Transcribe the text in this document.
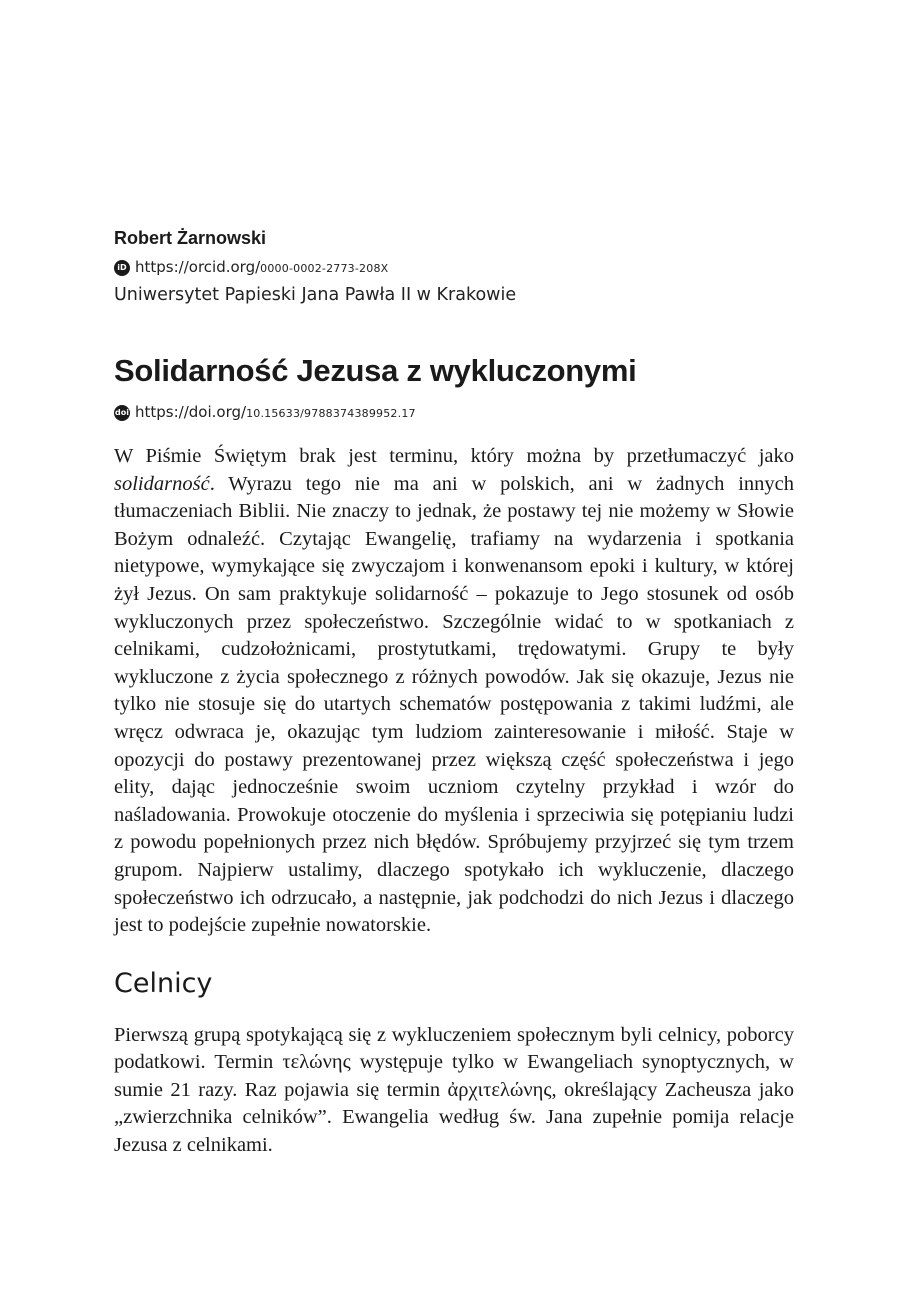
Robert Żarnowski
iD https://orcid.org/0000-0002-2773-208X
Uniwersytet Papieski Jana Pawła II w Krakowie
Solidarność Jezusa z wykluczonymi
doi https://doi.org/10.15633/9788374389952.17

W Piśmie Świętym brak jest terminu, który można by przetłumaczyć jako solidarność. Wyrazu tego nie ma ani w polskich, ani w żadnych innych tłumaczeniach Biblii. Nie znaczy to jednak, że postawy tej nie możemy w Słowie Bożym odnaleźć. Czytając Ewangelię, trafiamy na wydarzenia i spotkania nietypowe, wymykające się zwyczajom i konwenansom epoki i kultury, w której żył Jezus. On sam praktykuje solidarność – pokazuje to Jego stosunek od osób wykluczonych przez społeczeństwo. Szczególnie widać to w spotkaniach z celnikami, cudzołożnicami, prostytutkami, trędowatymi. Grupy te były wykluczone z życia społecznego z różnych powodów. Jak się okazuje, Jezus nie tylko nie stosuje się do utartych schematów postępowania z takimi ludźmi, ale wręcz odwraca je, okazując tym ludziom zainteresowanie i miłość. Staje w opozycji do postawy prezentowanej przez większą część społeczeństwa i jego elity, dając jednocześnie swoim uczniom czytelny przykład i wzór do naśladowania. Prowokuje otoczenie do myślenia i sprzeciwia się potępianiu ludzi z powodu popełnionych przez nich błędów. Spróbujemy przyjrzeć się tym trzem grupom. Najpierw ustalimy, dlaczego spotykało ich wykluczenie, dlaczego społeczeństwo ich odrzucało, a następnie, jak podchodzi do nich Jezus i dlaczego jest to podejście zupełnie nowatorskie.

Celnicy

Pierwszą grupą spotykającą się z wykluczeniem społecznym byli celnicy, poborcy podatkowi. Termin τελώνης występuje tylko w Ewangeliach synoptycznych, w sumie 21 razy. Raz pojawia się termin ἀρχιτελώνης, określający Zacheusza jako „zwierzchnika celników”. Ewangelia według św. Jana zupełnie pomija relacje Jezusa z celnikami.
